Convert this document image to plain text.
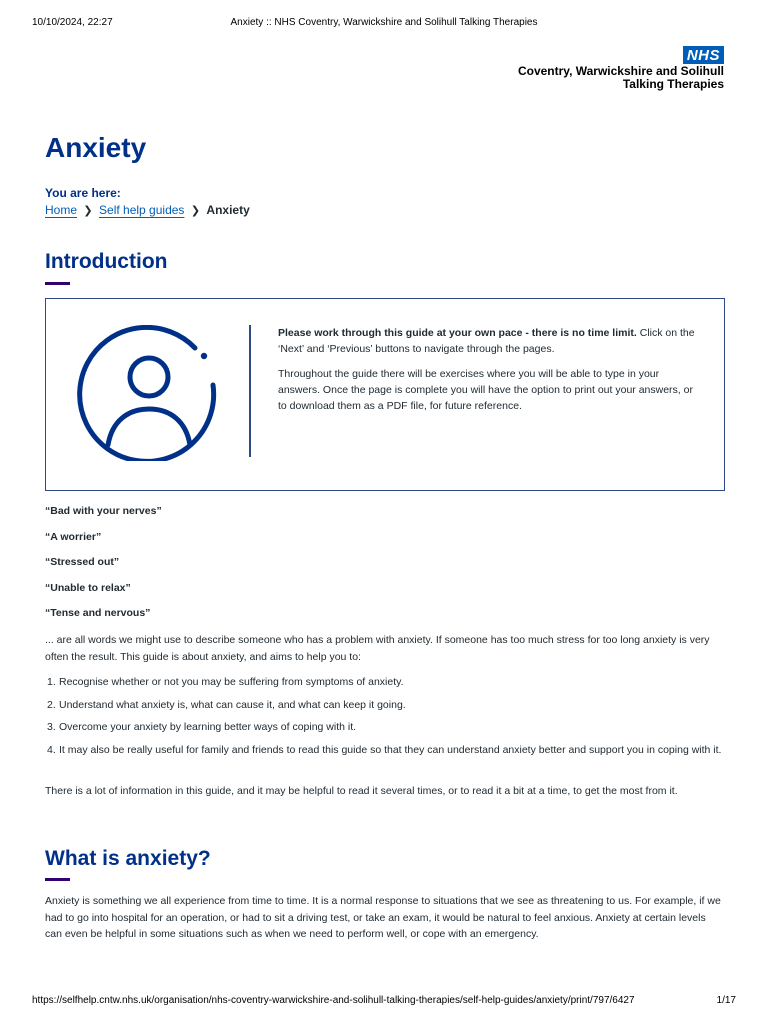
10/10/2024, 22:27	Anxiety :: NHS Coventry, Warwickshire and Solihull Talking Therapies
NHS
Coventry, Warwickshire and Solihull
Talking Therapies
Anxiety
You are here:
Home ❯ Self help guides ❯ Anxiety
Introduction

Please work through this guide at your own pace - there is no time limit. Click on the ‘Next’ and ‘Previous’ buttons to navigate through the pages.

Throughout the guide there will be exercises where you will be able to type in your answers. Once the page is complete you will have the option to print out your answers, or to download them as a PDF file, for future reference.

“Bad with your nerves”
“A worrier”
“Stressed out”
“Unable to relax”
“Tense and nervous”

... are all words we might use to describe someone who has a problem with anxiety. If someone has too much stress for too long anxiety is very often the result. This guide is about anxiety, and aims to help you to:

1. Recognise whether or not you may be suffering from symptoms of anxiety.
2. Understand what anxiety is, what can cause it, and what can keep it going.
3. Overcome your anxiety by learning better ways of coping with it.
4. It may also be really useful for family and friends to read this guide so that they can understand anxiety better and support you in coping with it.

There is a lot of information in this guide, and it may be helpful to read it several times, or to read it a bit at a time, to get the most from it.

What is anxiety?

Anxiety is something we all experience from time to time. It is a normal response to situations that we see as threatening to us. For example, if we had to go into hospital for an operation, or had to sit a driving test, or take an exam, it would be natural to feel anxious. Anxiety at certain levels can even be helpful in some situations such as when we need to perform well, or cope with an emergency.

https://selfhelp.cntw.nhs.uk/organisation/nhs-coventry-warwickshire-and-solihull-talking-therapies/self-help-guides/anxiety/print/797/6427	1/17
